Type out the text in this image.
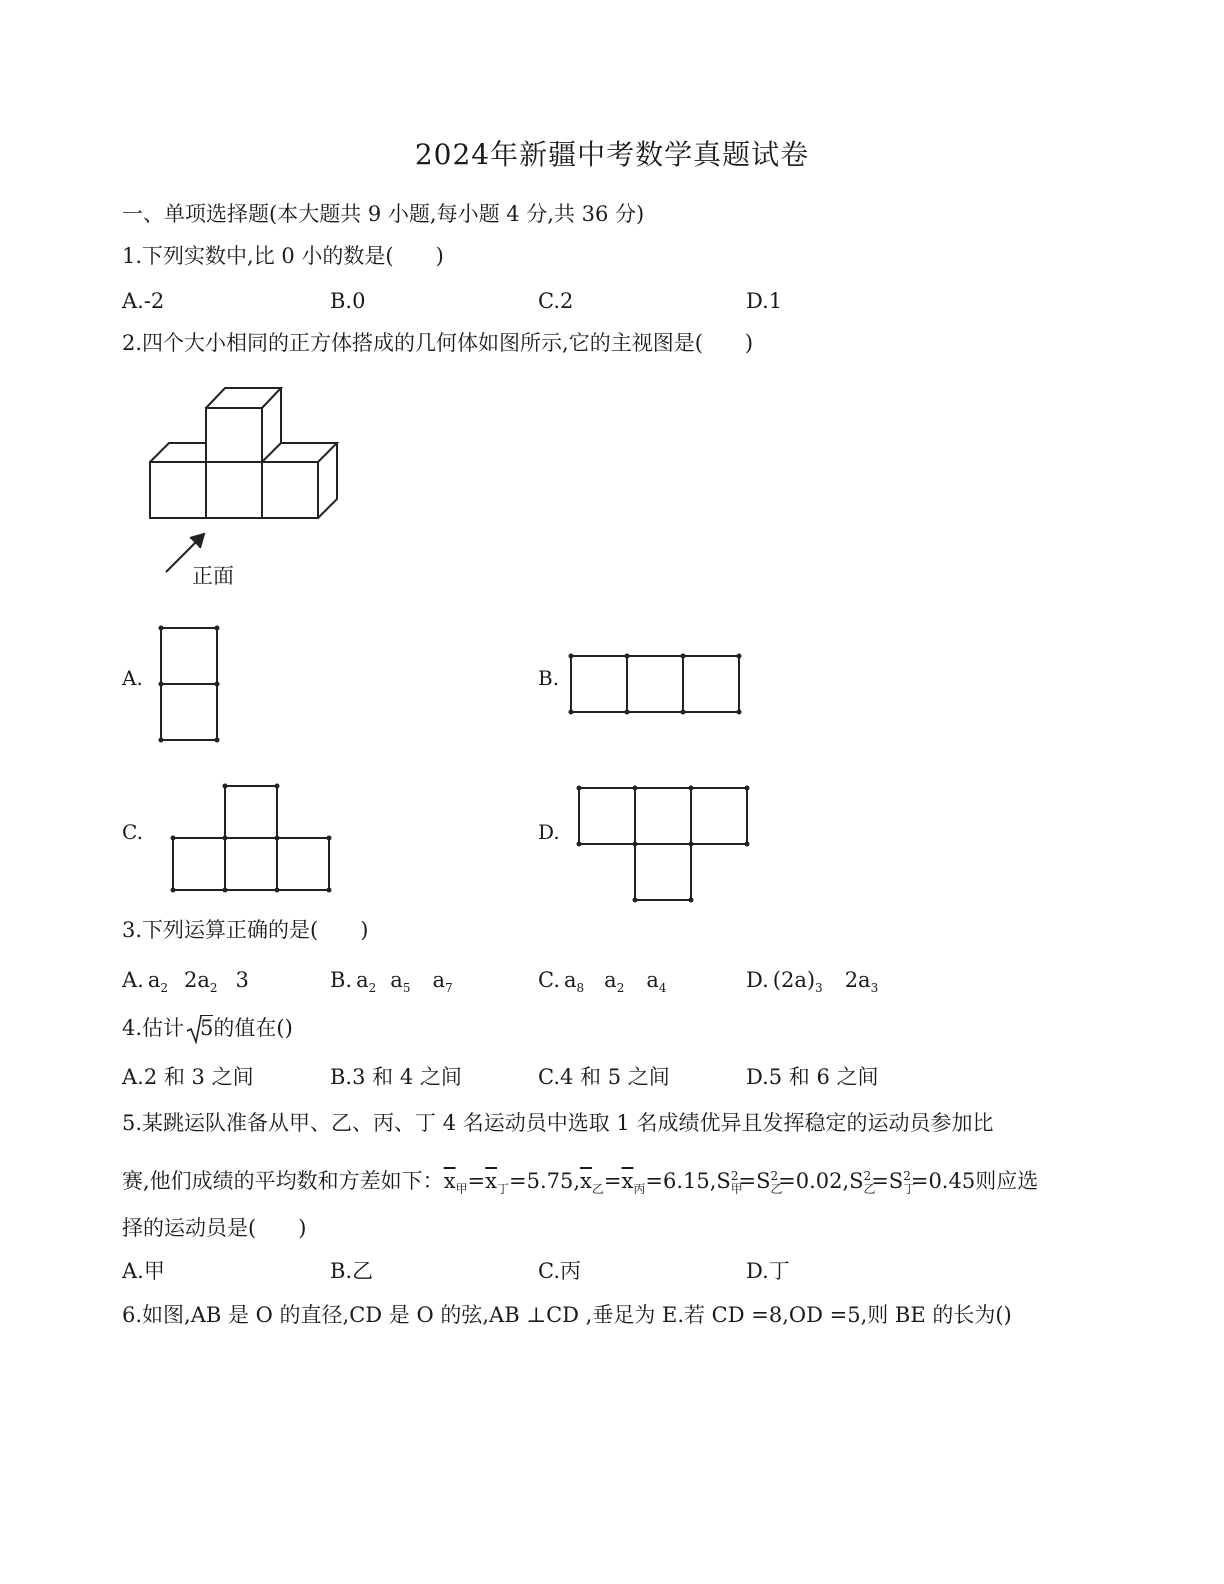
2024年新疆中考数学真题试卷
一、单项选择题(本大题共 9 小题,每小题 4 分,共 36 分)
1.下列实数中,比 0 小的数是(　　)
A.-2	B.0	C.2	D.1
2.四个大小相同的正方体搭成的几何体如图所示,它的主视图是(　　)
正面
A.	B.
C.	D.
3.下列运算正确的是(　　)
A. $a_2$ $2a_2$ 3	B. $a_2$ $a_5$ $a_7$	C. $a_8$ $a_2$ $a_4$	D. $(2a)_3$ $2a_3$
4.估计 5的值在()
A.2 和 3 之间	B.3 和 4 之间	C.4 和 5 之间	D.5 和 6 之间
5.某跳运队准备从甲、乙、丙、丁 4 名运动员中选取 1 名成绩优异且发挥稳定的运动员参加比
赛,他们成绩的平均数和方差如下：$\overline{x}_甲=\overline{x}_丁=5.75,\overline{x}_乙=\overline{x}_丙=6.15,S_甲^2=S_乙^2=0.02,S_乙^2=S_丁^2=0.45$则应选
择的运动员是(　　)
A.甲	B.乙	C.丙	D.丁
6.如图,AB 是 O 的直径,CD 是 O 的弦,AB ⊥CD ,垂足为 E.若 CD =8,OD =5,则 BE 的长为()
